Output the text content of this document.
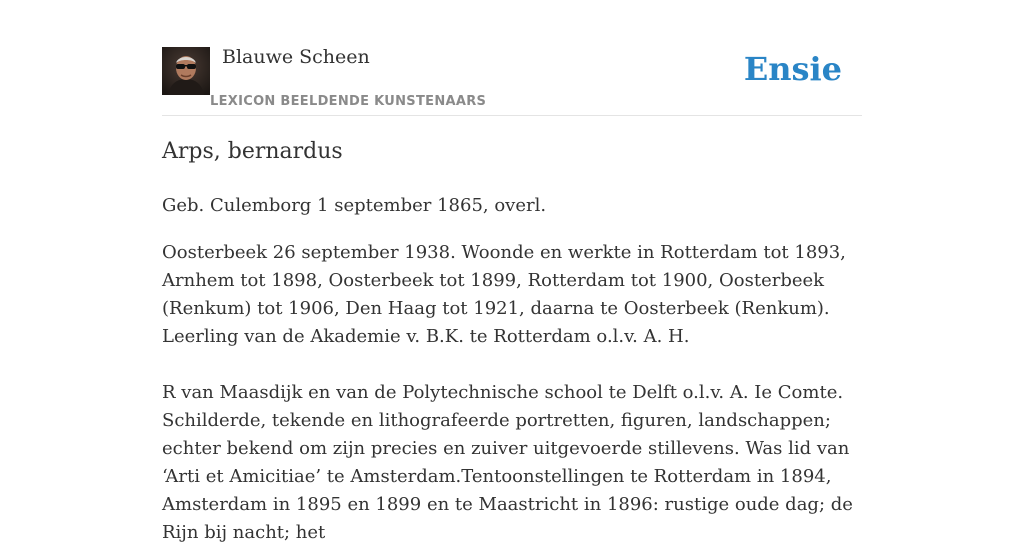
Blauwe Scheen
LEXICON BEELDENDE KUNSTENAARS
Ensie
Arps, bernardus

Geb. Culemborg 1 september 1865, overl.

Oosterbeek 26 september 1938. Woonde en werkte in Rotterdam tot 1893, Arnhem tot 1898, Oosterbeek tot 1899, Rotterdam tot 1900, Oosterbeek (Renkum) tot 1906, Den Haag tot 1921, daarna te Oosterbeek (Renkum). Leerling van de Akademie v. B.K. te Rotterdam o.l.v. A. H.

R van Maasdijk en van de Polytechnische school te Delft o.l.v. A. Ie Comte. Schilderde, tekende en lithografeerde portretten, figuren, landschappen; echter bekend om zijn precies en zuiver uitgevoerde stillevens. Was lid van ‘Arti et Amicitiae’ te Amsterdam.Tentoonstellingen te Rotterdam in 1894, Amsterdam in 1895 en 1899 en te Maastricht in 1896: rustige oude dag; de Rijn bij nacht; het
